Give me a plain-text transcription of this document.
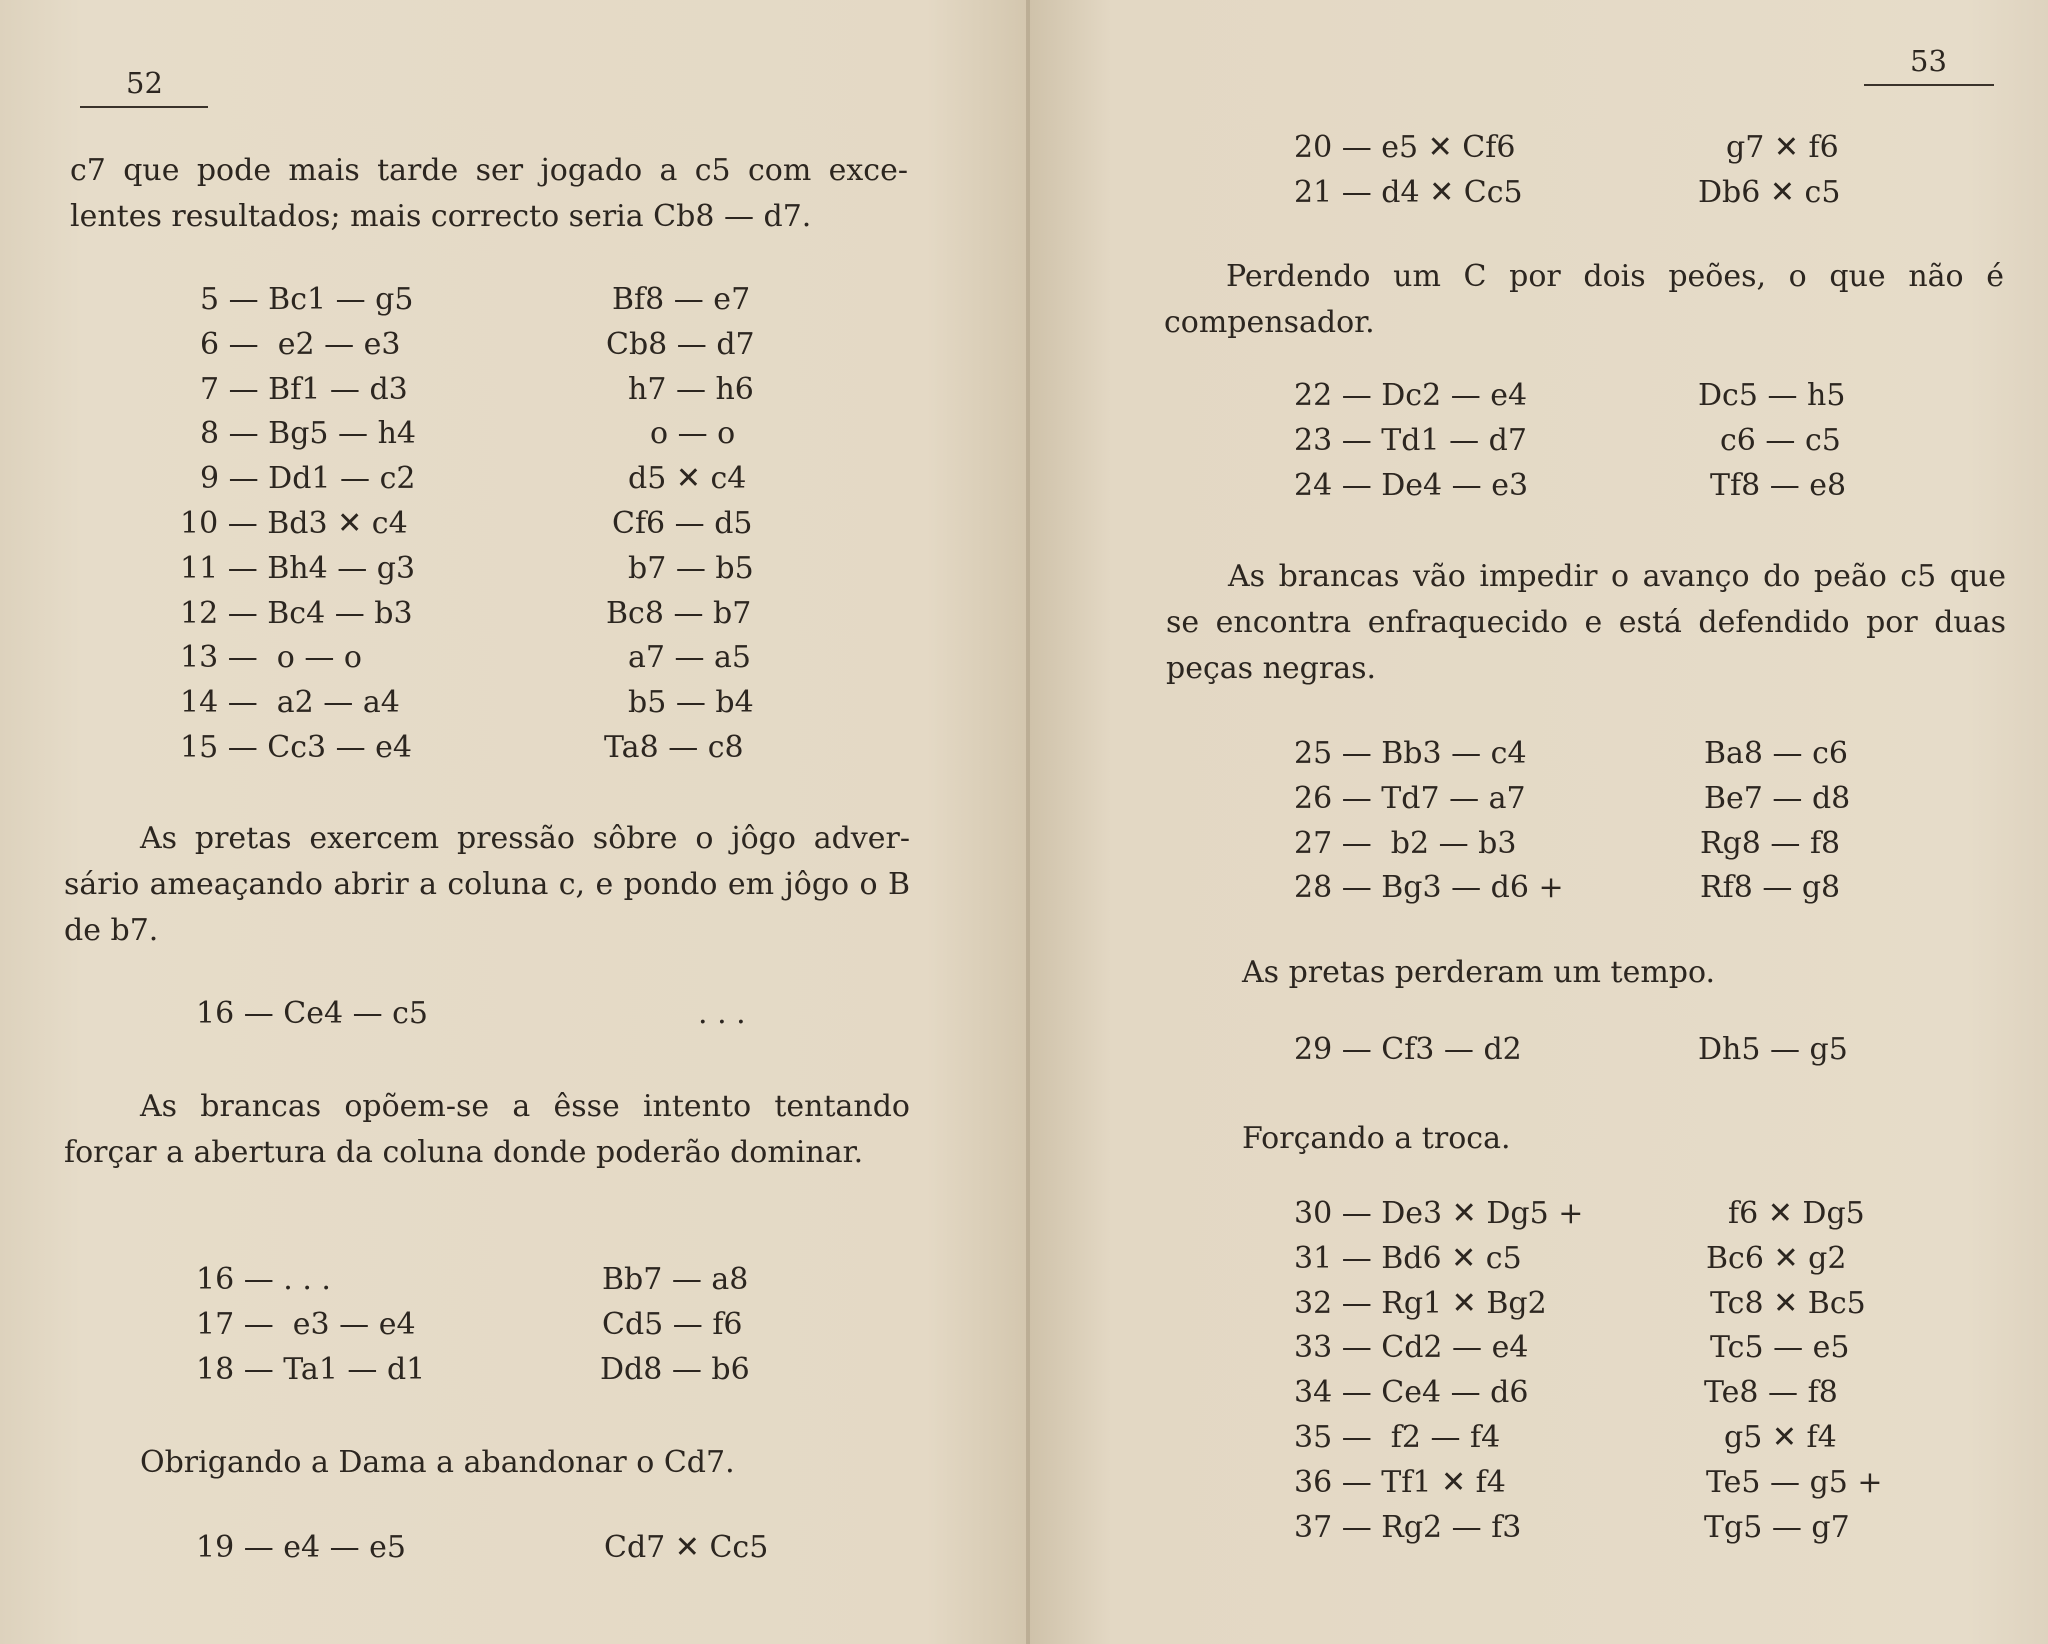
52

c7 que pode mais tarde ser jogado a c5 com excelentes resultados; mais correcto seria Cb8 — d7.

5 — Bc1 — g5	Bf8 — e7
6 —  e2 — e3	Cb8 — d7
7 — Bf1 — d3	h7 — h6
8 — Bg5 — h4	o — o
9 — Dd1 — c2	d5 ✕ c4
10 — Bd3 ✕ c4	Cf6 — d5
11 — Bh4 — g3	b7 — b5
12 — Bc4 — b3	Bc8 — b7
13 —  o — o	a7 — a5
14 —  a2 — a4	b5 — b4
15 — Cc3 — e4	Ta8 — c8

As pretas exercem pressão sôbre o jôgo adversário ameaçando abrir a coluna c, e pondo em jôgo o B de b7.

16 — Ce4 — c5	. . .

As brancas opõem-se a êsse intento tentando forçar a abertura da coluna donde poderão dominar.

16 — . . .	Bb7 — a8
17 —  e3 — e4	Cd5 — f6
18 — Ta1 — d1	Dd8 — b6

Obrigando a Dama a abandonar o Cd7.

19 — e4 — e5	Cd7 ✕ Cc5
53
20 — e5 ✕ Cf6	g7 ✕ f6
21 — d4 ✕ Cc5	Db6 ✕ c5

Perdendo um C por dois peões, o que não é compensador.

22 — Dc2 — e4	Dc5 — h5
23 — Td1 — d7	c6 — c5
24 — De4 — e3	Tf8 — e8

As brancas vão impedir o avanço do peão c5 que se encontra enfraquecido e está defendido por duas peças negras.

25 — Bb3 — c4	Ba8 — c6
26 — Td7 — a7	Be7 — d8
27 —  b2 — b3	Rg8 — f8
28 — Bg3 — d6 +	Rf8 — g8

As pretas perderam um tempo.

29 — Cf3 — d2	Dh5 — g5

Forçando a troca.

30 — De3 ✕ Dg5 +	f6 ✕ Dg5
31 — Bd6 ✕ c5	Bc6 ✕ g2
32 — Rg1 ✕ Bg2	Tc8 ✕ Bc5
33 — Cd2 — e4	Tc5 — e5
34 — Ce4 — d6	Te8 — f8
35 —  f2 — f4	g5 ✕ f4
36 — Tf1 ✕ f4	Te5 — g5 +
37 — Rg2 — f3	Tg5 — g7
